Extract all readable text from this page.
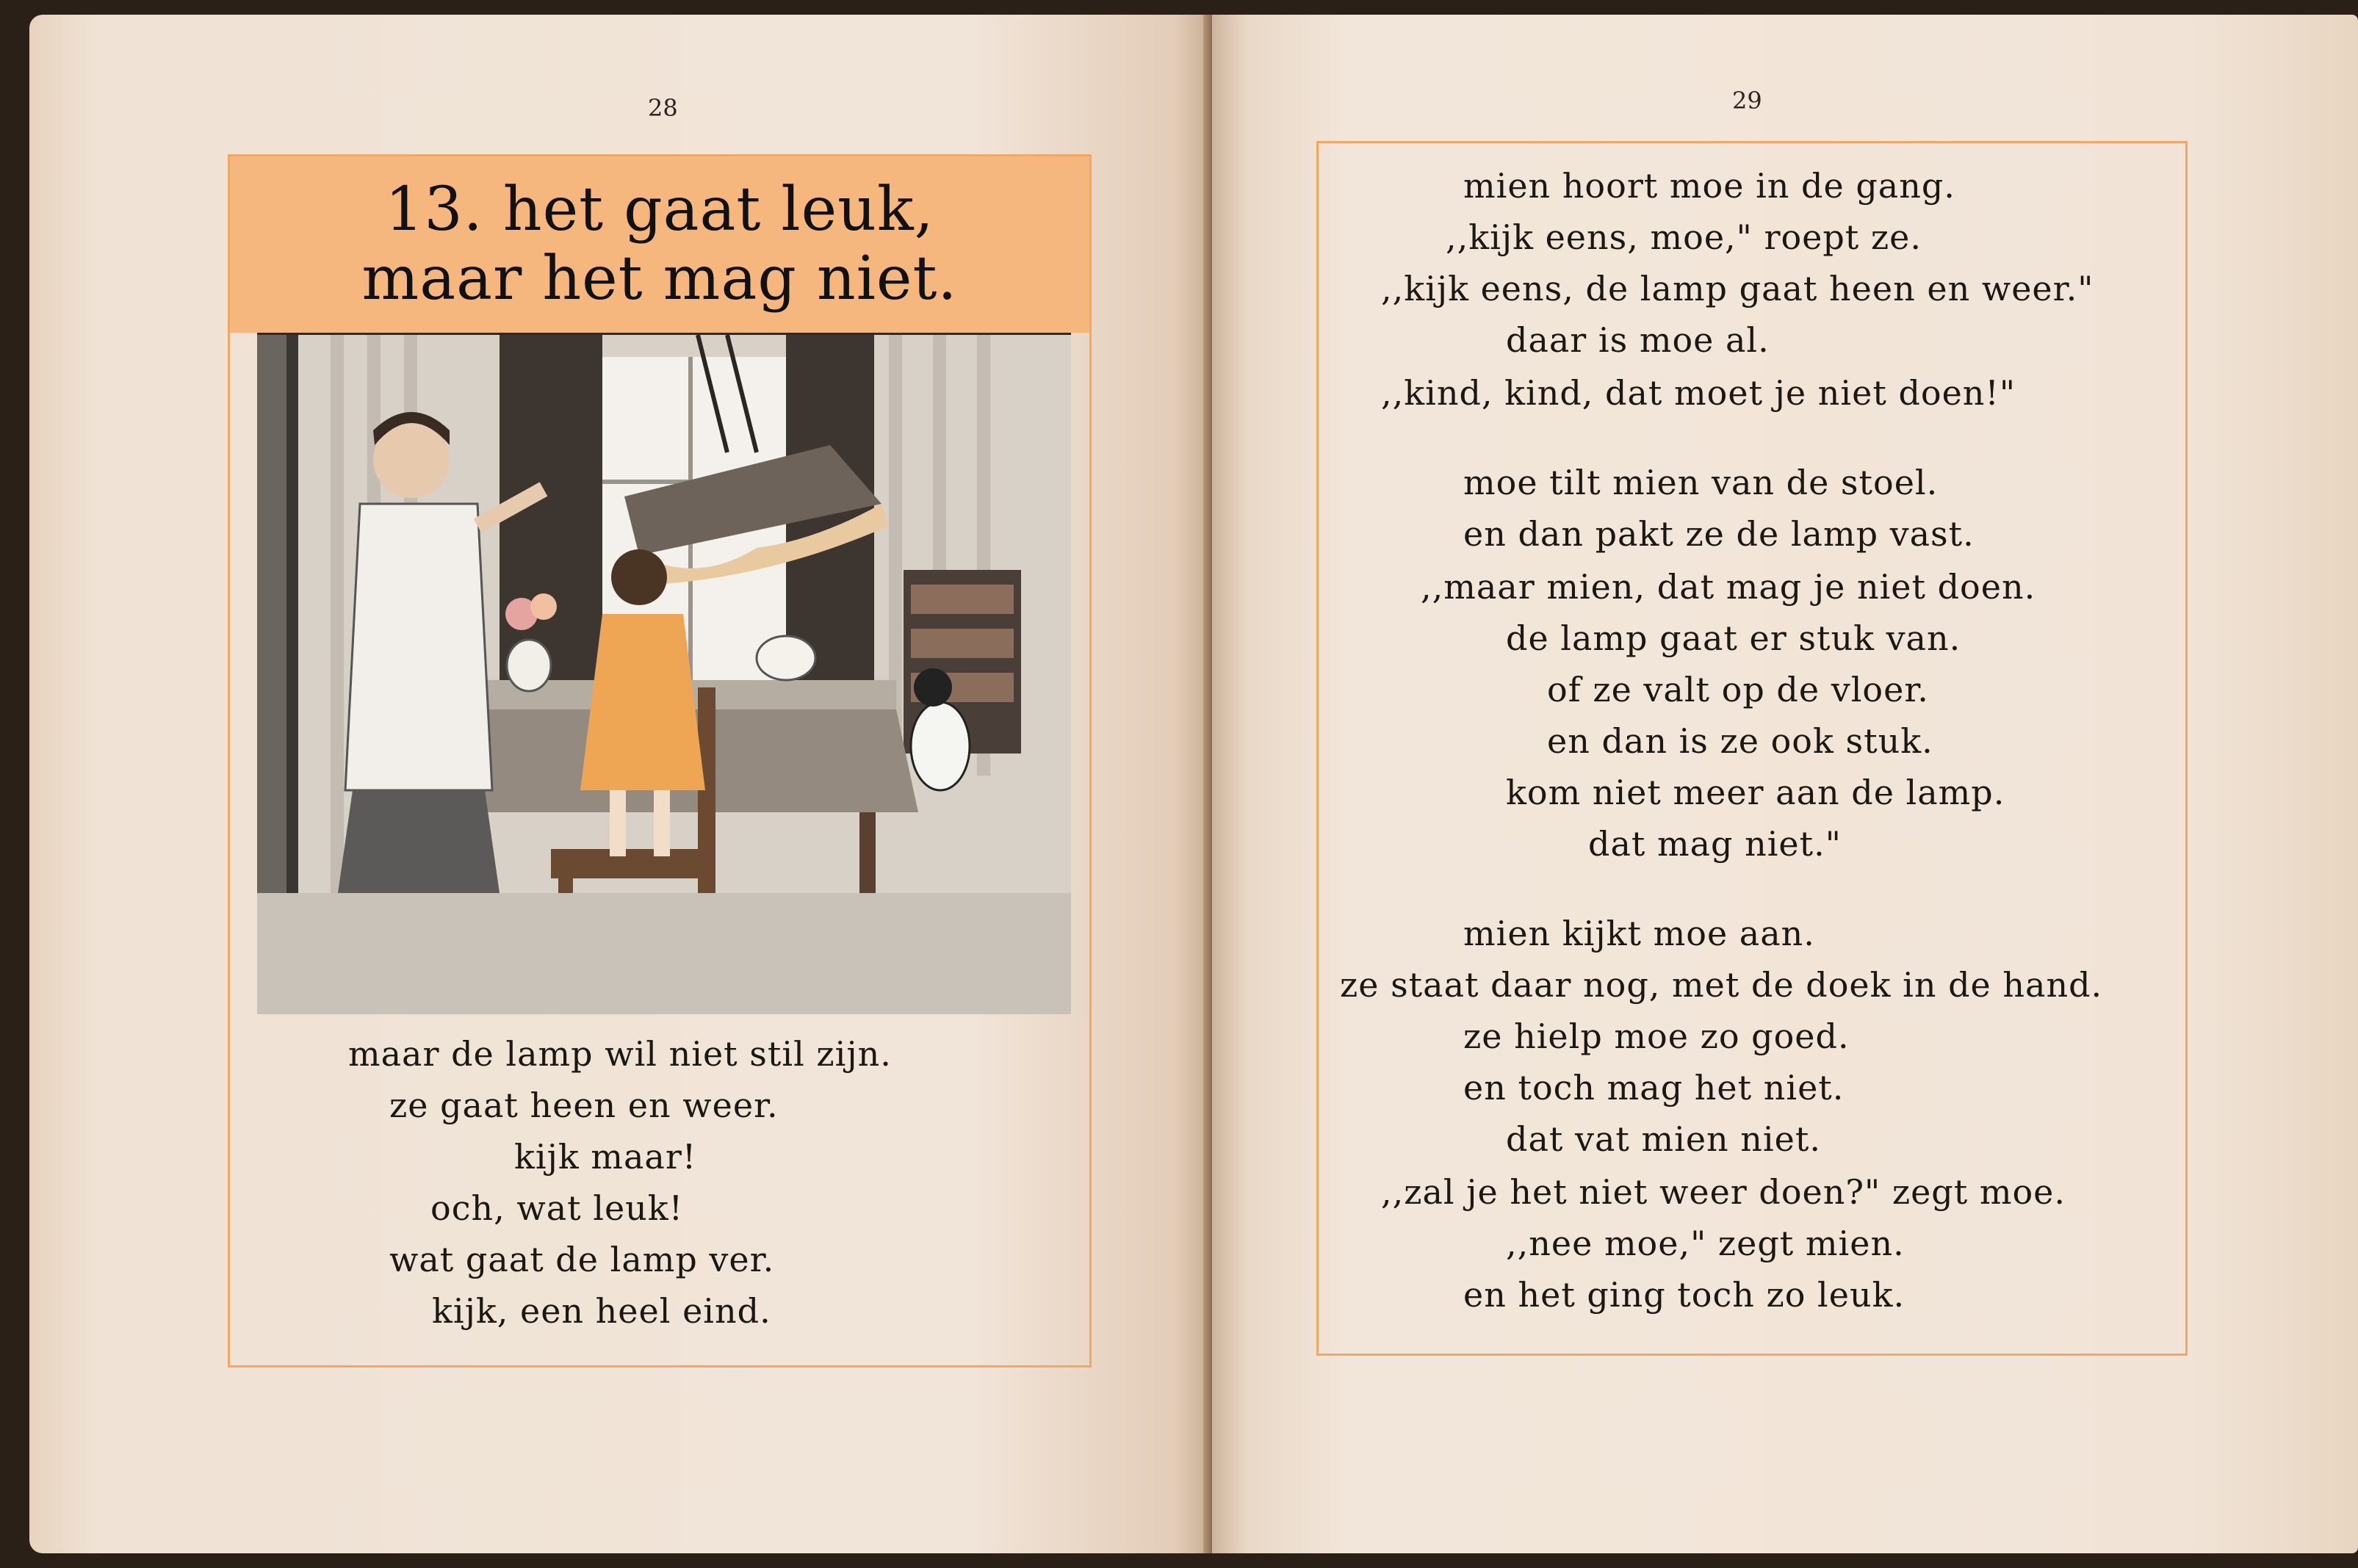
28
13. het gaat leuk,
maar het mag niet.
maar de lamp wil niet stil zijn.
ze gaat heen en weer.
kijk maar!
och, wat leuk!
wat gaat de lamp ver.
kijk, een heel eind.
29
mien hoort moe in de gang.
,,kijk eens, moe," roept ze.
,,kijk eens, de lamp gaat heen en weer."
daar is moe al.
,,kind, kind, dat moet je niet doen!"
moe tilt mien van de stoel.
en dan pakt ze de lamp vast.
,,maar mien, dat mag je niet doen.
de lamp gaat er stuk van.
of ze valt op de vloer.
en dan is ze ook stuk.
kom niet meer aan de lamp.
dat mag niet."
mien kijkt moe aan.
ze staat daar nog, met de doek in de hand.
ze hielp moe zo goed.
en toch mag het niet.
dat vat mien niet.
,,zal je het niet weer doen?" zegt moe.
,,nee moe," zegt mien.
en het ging toch zo leuk.
